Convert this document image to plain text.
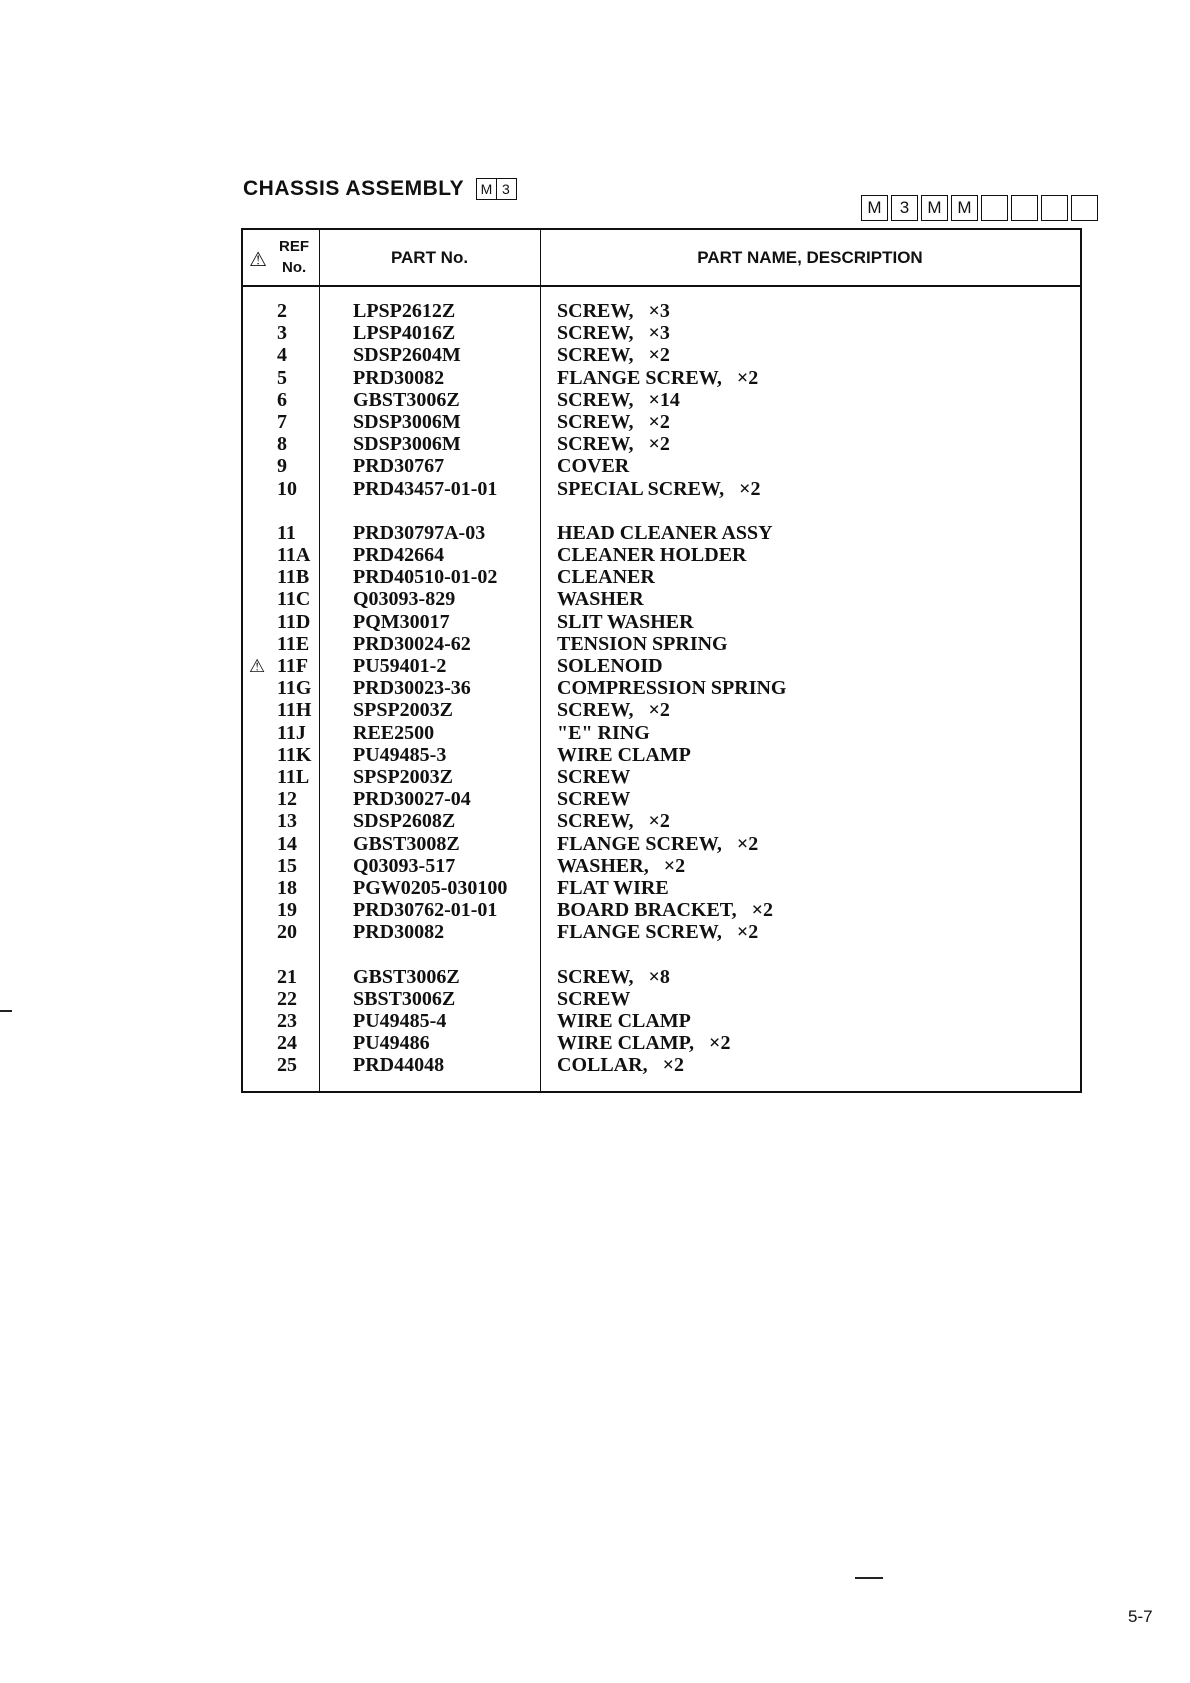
CHASSIS ASSEMBLY	M 3
M	3	M M
⚠
REF
No.
PART No.	PART NAME, DESCRIPTION
2	LPSP2612Z	SCREW,   ×3
3	LPSP4016Z	SCREW,   ×3
4	SDSP2604M	SCREW,   ×2
5	PRD30082	FLANGE SCREW,   ×2
6	GBST3006Z	SCREW,   ×14
7	SDSP3006M	SCREW,   ×2
8	SDSP3006M	SCREW,   ×2
9	PRD30767	COVER
10	PRD43457-01-01	SPECIAL SCREW,   ×2
11	PRD30797A-03	HEAD CLEANER ASSY
11A	PRD42664	CLEANER HOLDER
11B	PRD40510-01-02	CLEANER
11C	Q03093-829	WASHER
11D	PQM30017	SLIT WASHER
11E	PRD30024-62	TENSION SPRING
⚠ 11F	PU59401-2	SOLENOID
11G PRD30023-36	COMPRESSION SPRING
11H SPSP2003Z	SCREW,   ×2
11J	REE2500	"E" RING
11K PU49485-3	WIRE CLAMP
11L	SPSP2003Z	SCREW
12	PRD30027-04	SCREW
13	SDSP2608Z	SCREW,   ×2
14	GBST3008Z	FLANGE SCREW,   ×2
15	Q03093-517	WASHER,   ×2
18	PGW0205-030100 FLAT WIRE
19	PRD30762-01-01	BOARD BRACKET,   ×2
20	PRD30082	FLANGE SCREW,   ×2
21	GBST3006Z	SCREW,   ×8
22	SBST3006Z	SCREW
23	PU49485-4	WIRE CLAMP
24	PU49486	WIRE CLAMP,   ×2
25	PRD44048	COLLAR,   ×2
5-7
